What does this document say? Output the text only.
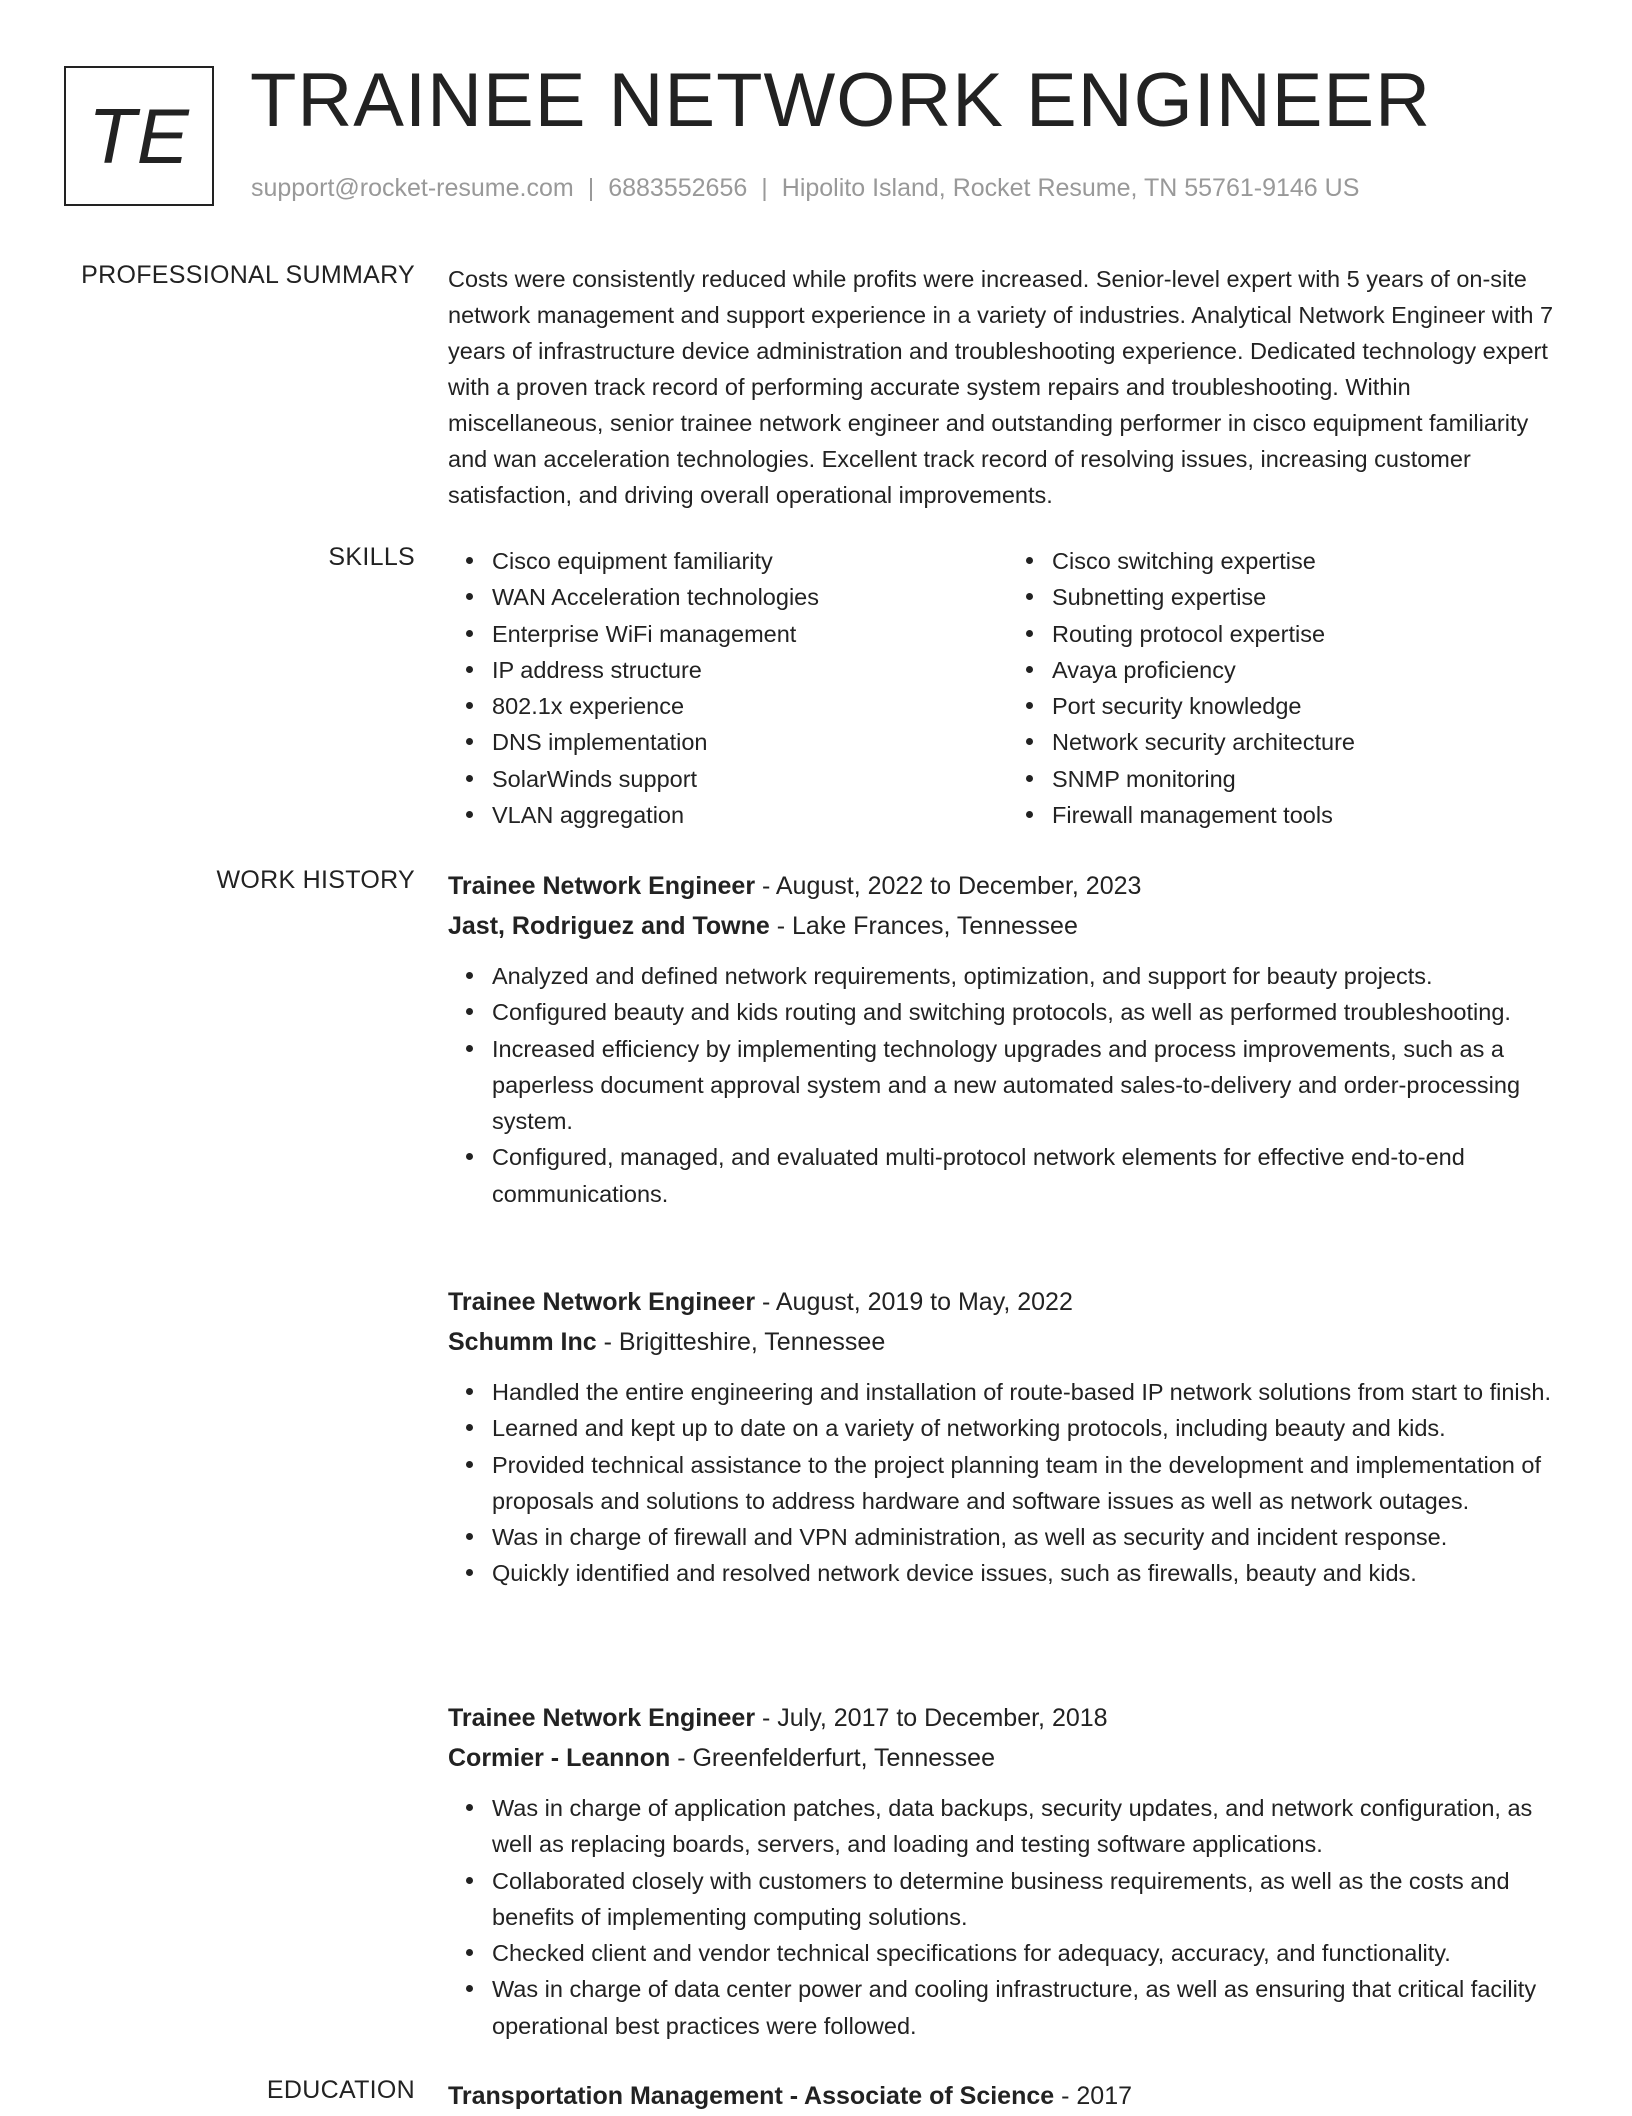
TE TRAINEE NETWORK ENGINEER
support@rocket-resume.com | 6883552656 | Hipolito Island, Rocket Resume, TN 55761-9146 US
PROFESSIONAL SUMMARY Costs were consistently reduced while profits were increased. Senior-level expert with 5 years of on-site network management and support experience in a variety of industries. Analytical Network Engineer with 7 years of infrastructure device administration and troubleshooting experience. Dedicated technology expert with a proven track record of performing accurate system repairs and troubleshooting. Within miscellaneous, senior trainee network engineer and outstanding performer in cisco equipment familiarity and wan acceleration technologies. Excellent track record of resolving issues, increasing customer satisfaction, and driving overall operational improvements.

SKILLS	Cisco equipment familiarity
WAN Acceleration technologies
Enterprise WiFi management
IP address structure
802.1x experience
DNS implementation
SolarWinds support
VLAN aggregation
Cisco switching expertise
Subnetting expertise
Routing protocol expertise
Avaya proficiency
Port security knowledge
Network security architecture
SNMP monitoring
Firewall management tools
WORK HISTORY Trainee Network Engineer - August, 2022 to December, 2023
Jast, Rodriguez and Towne - Lake Frances, Tennessee
Analyzed and defined network requirements, optimization, and support for beauty projects.
Configured beauty and kids routing and switching protocols, as well as performed troubleshooting.
Increased efficiency by implementing technology upgrades and process improvements, such as a paperless document approval system and a new automated sales-to-delivery and order-processing system.
Configured, managed, and evaluated multi-protocol network elements for effective end-to-end communications.
Trainee Network Engineer - August, 2019 to May, 2022
Schumm Inc - Brigitteshire, Tennessee
Handled the entire engineering and installation of route-based IP network solutions from start to finish.
Learned and kept up to date on a variety of networking protocols, including beauty and kids.
Provided technical assistance to the project planning team in the development and implementation of proposals and solutions to address hardware and software issues as well as network outages.
Was in charge of firewall and VPN administration, as well as security and incident response.
Quickly identified and resolved network device issues, such as firewalls, beauty and kids.
Trainee Network Engineer - July, 2017 to December, 2018
Cormier - Leannon - Greenfelderfurt, Tennessee
Was in charge of application patches, data backups, security updates, and network configuration, as well as replacing boards, servers, and loading and testing software applications.
Collaborated closely with customers to determine business requirements, as well as the costs and benefits of implementing computing solutions.
Checked client and vendor technical specifications for adequacy, accuracy, and functionality.
Was in charge of data center power and cooling infrastructure, as well as ensuring that critical facility operational best practices were followed.
EDUCATION Transportation Management - Associate of Science - 2017
